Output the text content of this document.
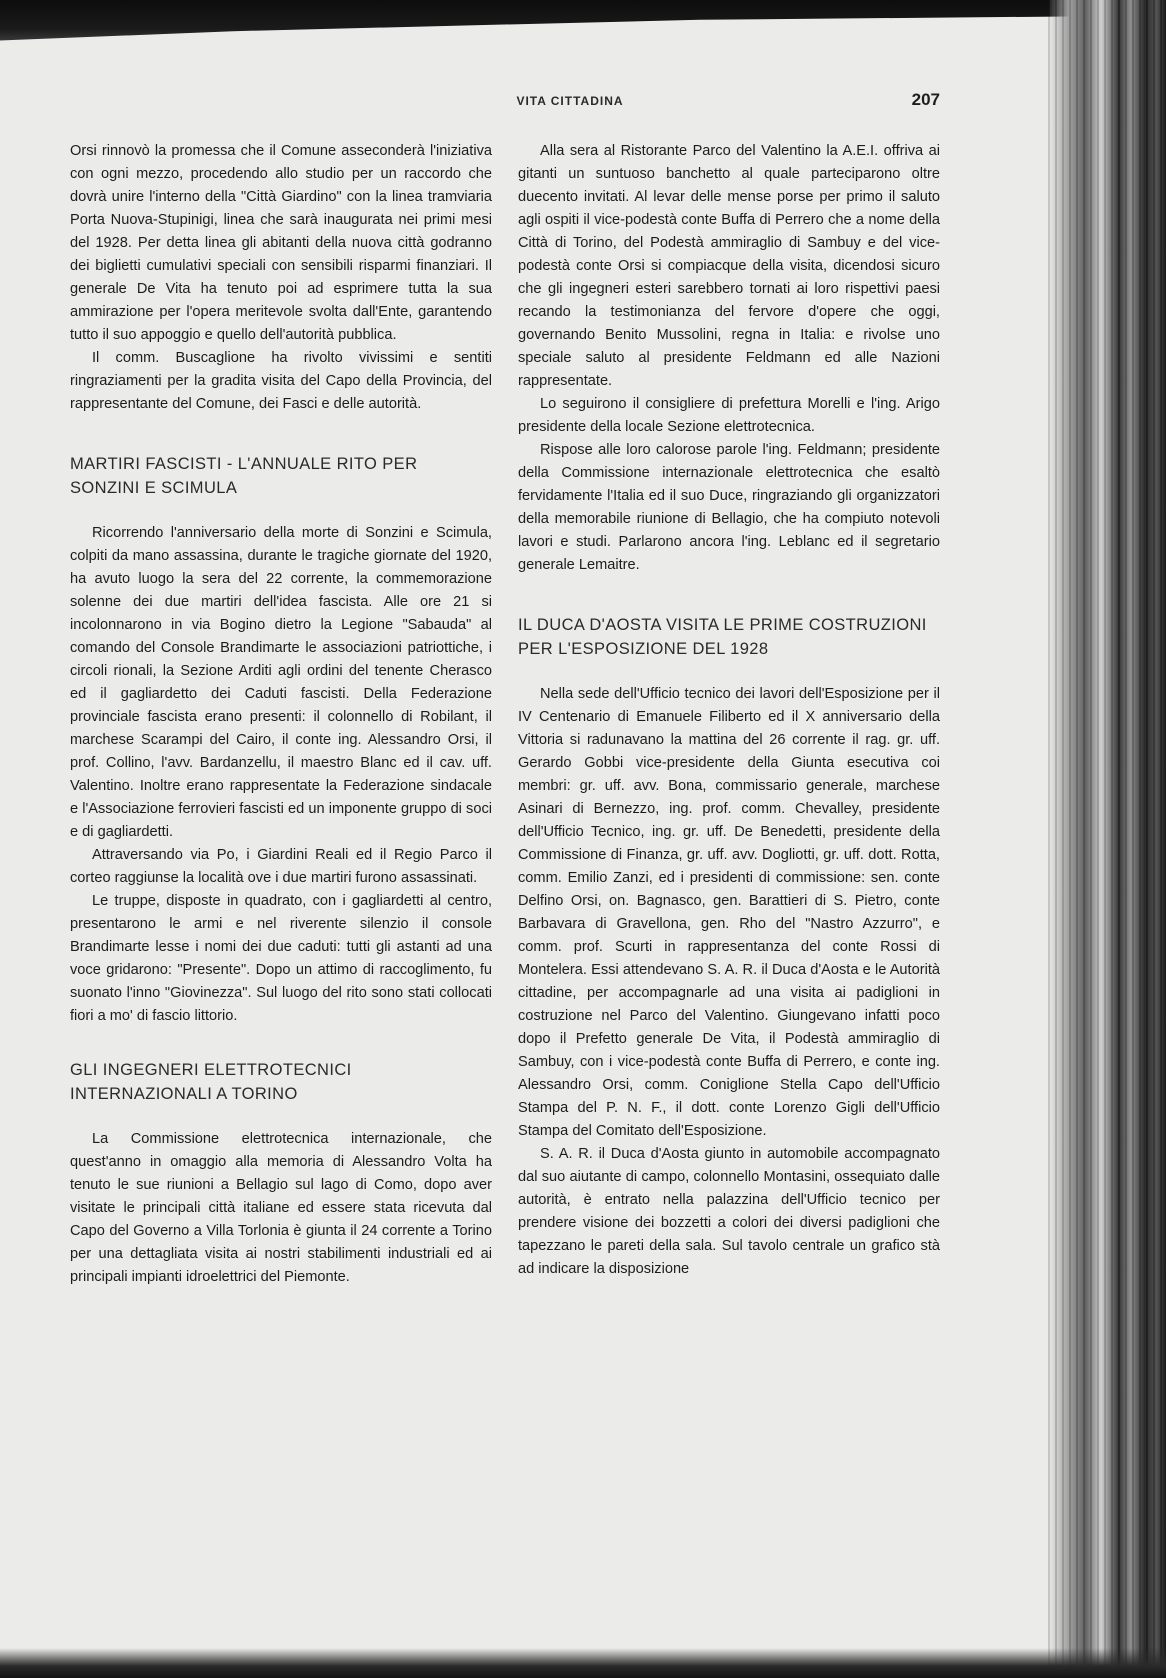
VITA CITTADINA	207

Orsi rinnovò la promessa che il Comune asseconderà l'iniziativa con ogni mezzo, procedendo allo studio per un raccordo che dovrà unire l'interno della "Città Giardino" con la linea tramviaria Porta Nuova-Stupinigi, linea che sarà inaugurata nei primi mesi del 1928. Per detta linea gli abitanti della nuova città godranno dei biglietti cumulativi speciali con sensibili risparmi finanziari. Il generale De Vita ha tenuto poi ad esprimere tutta la sua ammirazione per l'opera meritevole svolta dall'Ente, garantendo tutto il suo appoggio e quello dell'autorità pubblica.

Il comm. Buscaglione ha rivolto vivissimi e sentiti ringraziamenti per la gradita visita del Capo della Provincia, del rappresentante del Comune, dei Fasci e delle autorità.

MARTIRI FASCISTI - L'ANNUALE RITO PER SONZINI E SCIMULA

Ricorrendo l'anniversario della morte di Sonzini e Scimula, colpiti da mano assassina, durante le tragiche giornate del 1920, ha avuto luogo la sera del 22 corrente, la commemorazione solenne dei due martiri dell'idea fascista. Alle ore 21 si incolonnarono in via Bogino dietro la Legione "Sabauda" al comando del Console Brandimarte le associazioni patriottiche, i circoli rionali, la Sezione Arditi agli ordini del tenente Cherasco ed il gagliardetto dei Caduti fascisti. Della Federazione provinciale fascista erano presenti: il colonnello di Robilant, il marchese Scarampi del Cairo, il conte ing. Alessandro Orsi, il prof. Collino, l'avv. Bardanzellu, il maestro Blanc ed il cav. uff. Valentino. Inoltre erano rappresentate la Federazione sindacale e l'Associazione ferrovieri fascisti ed un imponente gruppo di soci e di gagliardetti.

Attraversando via Po, i Giardini Reali ed il Regio Parco il corteo raggiunse la località ove i due martiri furono assassinati.

Le truppe, disposte in quadrato, con i gagliardetti al centro, presentarono le armi e nel riverente silenzio il console Brandimarte lesse i nomi dei due caduti: tutti gli astanti ad una voce gridarono: "Presente". Dopo un attimo di raccoglimento, fu suonato l'inno "Giovinezza". Sul luogo del rito sono stati collocati fiori a mo' di fascio littorio.

GLI INGEGNERI ELETTROTECNICI INTERNAZIONALI A TORINO

La Commissione elettrotecnica internazionale, che quest'anno in omaggio alla memoria di Alessandro Volta ha tenuto le sue riunioni a Bellagio sul lago di Como, dopo aver visitate le principali città italiane ed essere stata ricevuta dal Capo del Governo a Villa Torlonia è giunta il 24 corrente a Torino per una dettagliata visita ai nostri stabilimenti industriali ed ai principali impianti idroelettrici del Piemonte.

Alla sera al Ristorante Parco del Valentino la A.E.I. offriva ai gitanti un suntuoso banchetto al quale parteciparono oltre duecento invitati. Al levar delle mense porse per primo il saluto agli ospiti il vice-podestà conte Buffa di Perrero che a nome della Città di Torino, del Podestà ammiraglio di Sambuy e del vice-podestà conte Orsi si compiacque della visita, dicendosi sicuro che gli ingegneri esteri sarebbero tornati ai loro rispettivi paesi recando la testimonianza del fervore d'opere che oggi, governando Benito Mussolini, regna in Italia: e rivolse uno speciale saluto al presidente Feldmann ed alle Nazioni rappresentate.

Lo seguirono il consigliere di prefettura Morelli e l'ing. Arigo presidente della locale Sezione elettrotecnica.

Rispose alle loro calorose parole l'ing. Feldmann; presidente della Commissione internazionale elettrotecnica che esaltò fervidamente l'Italia ed il suo Duce, ringraziando gli organizzatori della memorabile riunione di Bellagio, che ha compiuto notevoli lavori e studi. Parlarono ancora l'ing. Leblanc ed il segretario generale Lemaitre.

IL DUCA D'AOSTA VISITA LE PRIME COSTRUZIONI PER L'ESPOSIZIONE DEL 1928

Nella sede dell'Ufficio tecnico dei lavori dell'Esposizione per il IV Centenario di Emanuele Filiberto ed il X anniversario della Vittoria si radunavano la mattina del 26 corrente il rag. gr. uff. Gerardo Gobbi vice-presidente della Giunta esecutiva coi membri: gr. uff. avv. Bona, commissario generale, marchese Asinari di Bernezzo, ing. prof. comm. Chevalley, presidente dell'Ufficio Tecnico, ing. gr. uff. De Benedetti, presidente della Commissione di Finanza, gr. uff. avv. Dogliotti, gr. uff. dott. Rotta, comm. Emilio Zanzi, ed i presidenti di commissione: sen. conte Delfino Orsi, on. Bagnasco, gen. Barattieri di S. Pietro, conte Barbavara di Gravellona, gen. Rho del "Nastro Azzurro", e comm. prof. Scurti in rappresentanza del conte Rossi di Montelera. Essi attendevano S. A. R. il Duca d'Aosta e le Autorità cittadine, per accompagnarle ad una visita ai padiglioni in costruzione nel Parco del Valentino. Giungevano infatti poco dopo il Prefetto generale De Vita, il Podestà ammiraglio di Sambuy, con i vice-podestà conte Buffa di Perrero, e conte ing. Alessandro Orsi, comm. Coniglione Stella Capo dell'Ufficio Stampa del P. N. F., il dott. conte Lorenzo Gigli dell'Ufficio Stampa del Comitato dell'Esposizione.

S. A. R. il Duca d'Aosta giunto in automobile accompagnato dal suo aiutante di campo, colonnello Montasini, ossequiato dalle autorità, è entrato nella palazzina dell'Ufficio tecnico per prendere visione dei bozzetti a colori dei diversi padiglioni che tapezzano le pareti della sala. Sul tavolo centrale un grafico stà ad indicare la disposizione
